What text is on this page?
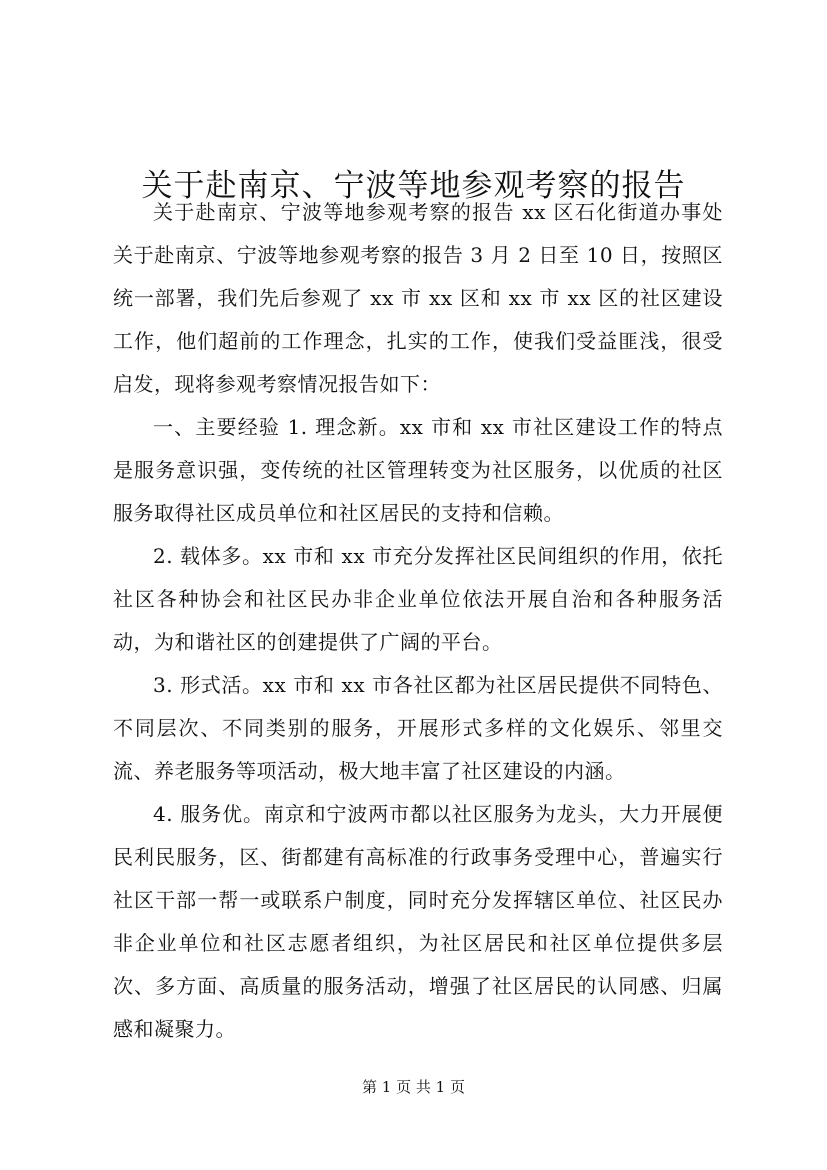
关于赴南京、宁波等地参观考察的报告

关于赴南京、宁波等地参观考察的报告 xx 区石化街道办事处关于赴南京、宁波等地参观考察的报告 3 月 2 日至 10 日，按照区统一部署，我们先后参观了 xx 市 xx 区和 xx 市 xx 区的社区建设工作，他们超前的工作理念，扎实的工作，使我们受益匪浅，很受启发，现将参观考察情况报告如下：

一、主要经验 1. 理念新。xx 市和 xx 市社区建设工作的特点是服务意识强，变传统的社区管理转变为社区服务，以优质的社区服务取得社区成员单位和社区居民的支持和信赖。

2. 载体多。xx 市和 xx 市充分发挥社区民间组织的作用，依托社区各种协会和社区民办非企业单位依法开展自治和各种服务活动，为和谐社区的创建提供了广阔的平台。

3. 形式活。xx 市和 xx 市各社区都为社区居民提供不同特色、不同层次、不同类别的服务，开展形式多样的文化娱乐、邻里交流、养老服务等项活动，极大地丰富了社区建设的内涵。

4. 服务优。南京和宁波两市都以社区服务为龙头，大力开展便民利民服务，区、街都建有高标准的行政事务受理中心，普遍实行社区干部一帮一或联系户制度，同时充分发挥辖区单位、社区民办非企业单位和社区志愿者组织，为社区居民和社区单位提供多层次、多方面、高质量的服务活动，增强了社区居民的认同感、归属感和凝聚力。

第 1 页 共 1 页
